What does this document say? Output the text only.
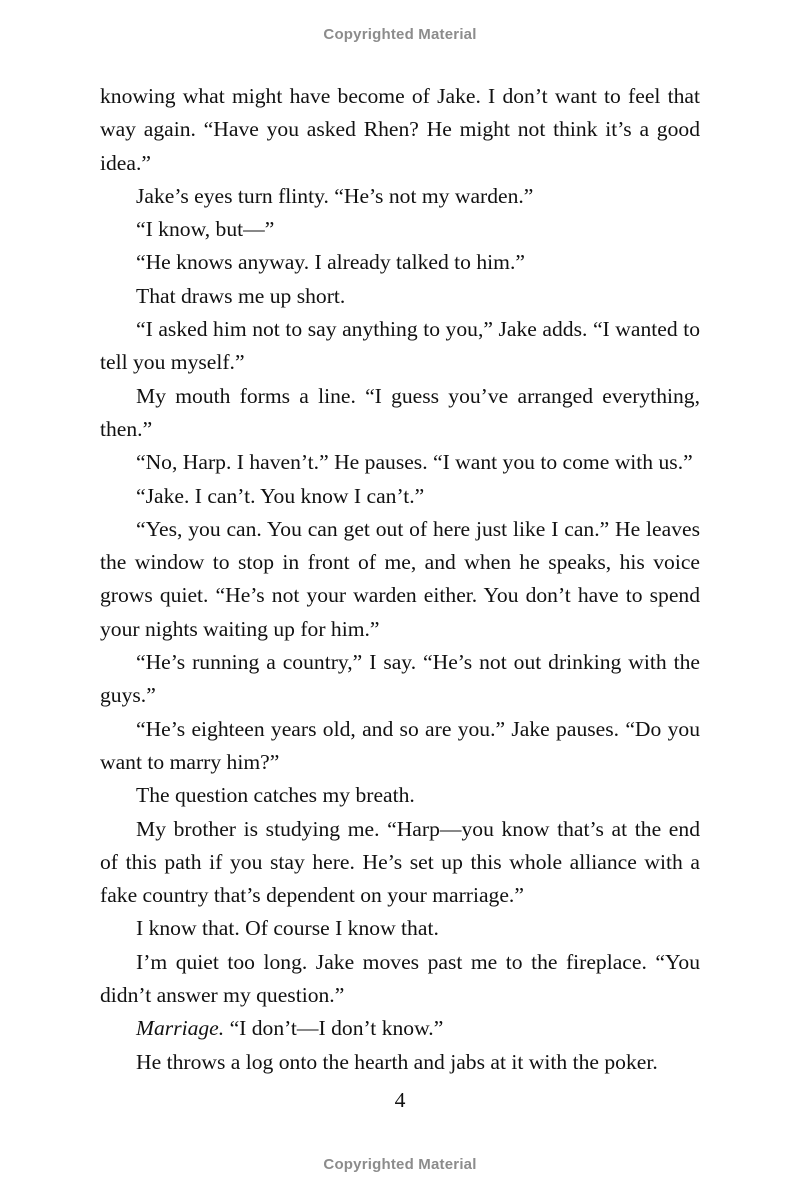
Copyrighted Material

knowing what might have become of Jake. I don’t want to feel that way again. “Have you asked Rhen? He might not think it’s a good idea.”

Jake’s eyes turn flinty. “He’s not my warden.”

“I know, but—”

“He knows anyway. I already talked to him.”

That draws me up short.

“I asked him not to say anything to you,” Jake adds. “I wanted to tell you myself.”

My mouth forms a line. “I guess you’ve arranged everything, then.”

“No, Harp. I haven’t.” He pauses. “I want you to come with us.”

“Jake. I can’t. You know I can’t.”

“Yes, you can. You can get out of here just like I can.” He leaves the window to stop in front of me, and when he speaks, his voice grows quiet. “He’s not your warden either. You don’t have to spend your nights waiting up for him.”

“He’s running a country,” I say. “He’s not out drinking with the guys.”

“He’s eighteen years old, and so are you.” Jake pauses. “Do you want to marry him?”

The question catches my breath.

My brother is studying me. “Harp—you know that’s at the end of this path if you stay here. He’s set up this whole alliance with a fake country that’s dependent on your marriage.”

I know that. Of course I know that.

I’m quiet too long. Jake moves past me to the fireplace. “You didn’t answer my question.”

Marriage. “I don’t—I don’t know.”

He throws a log onto the hearth and jabs at it with the poker.

4
Copyrighted Material
